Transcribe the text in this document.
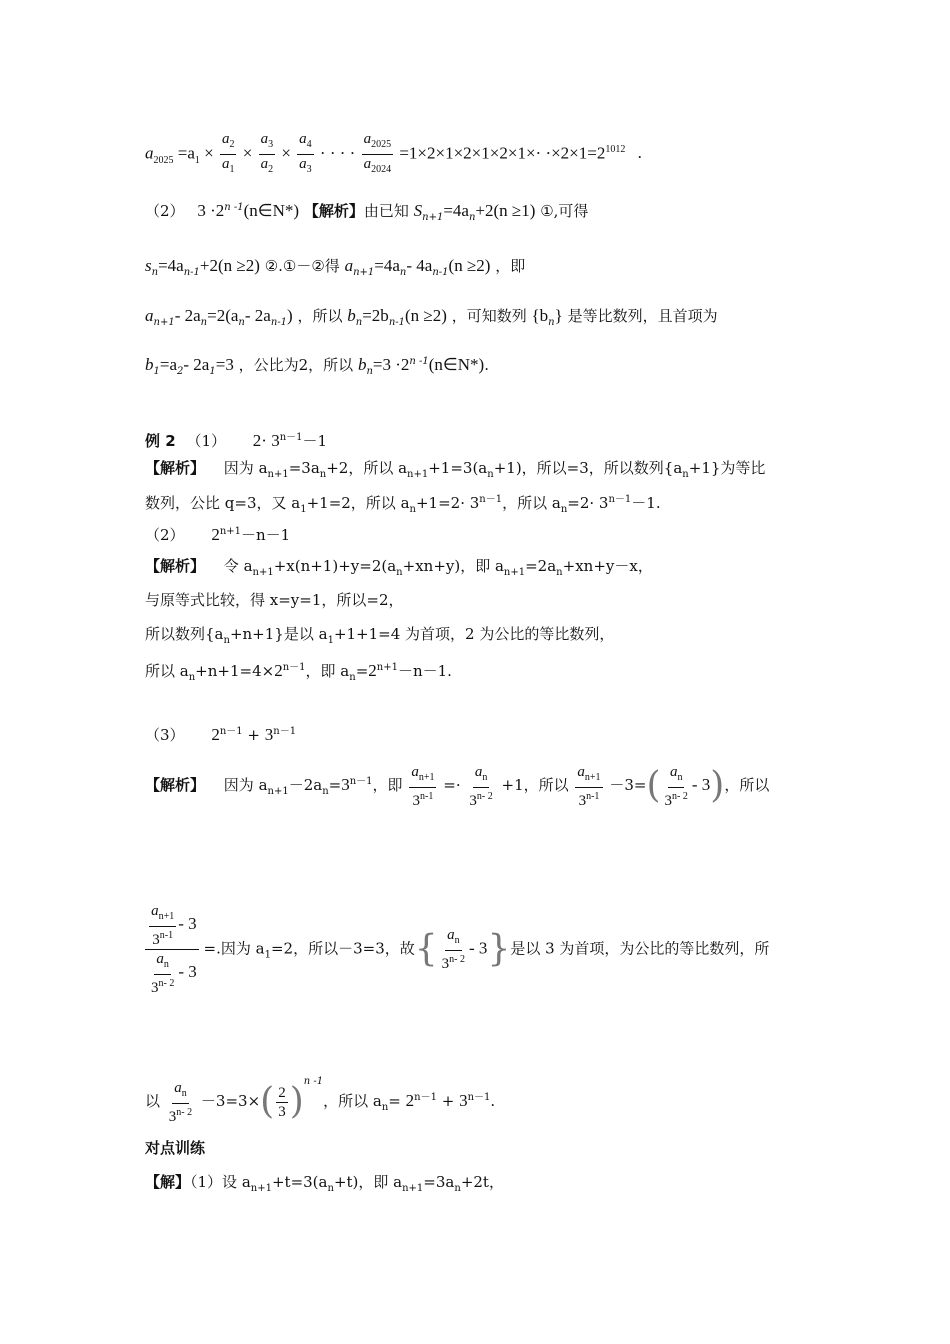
$a_{2025} =a_1 \times \frac{a_2}{a_1} \times \frac{a_3}{a_2} \times \frac{a_4}{a_3}$ · · · · $\frac{a_{2025}}{a_{2024}} =1\times 2\times 1\times 2\times 1\times 2\times 1\times\cdot \cdot\times 2\times 1=2^{1012}$ .
（2） $3 \cdot 2^{n -1}(n\in N*)$ 【解析】由已知 $S_{n+1}=4a_n+2(n \ge 1)$ ①,可得
$s_n=4a_{n-1}+2(n \ge 2)$ ②.①－②得 $a_{n+1}=4a_n-$ $4a_{n-1}(n \ge 2)$ ，即
$a_{n+1}-$ $2a_n=2(a_n-$ $2a_{n-1}$) ，所以 $b_n=2b_{n-1}(n \ge 2)$ ，可知数列 $\{b_n\}$ 是等比数列，且首项为
$b_1=a_2-$ $2a_1=3$ ，公比为2，所以 $b_n=3$ $\cdot 2^{n -1}(n\in N*)$.
例 2 （1） $2\cdot 3^{n-1}-1$
【解析】 因为 $a_{n+1}=3a_n+2$，所以 $a_{n+1}+1=3(a_n+1)$，所以=3，所以数列$\{a_n+1\}$为等比
数列，公比 q=3，又 $a_1+1=2$，所以 $a_n+1=2\cdot 3^{n-1}$，所以 $a_n=2\cdot 3^{n-1}-1$.
（2） $2^{n+1}-n-1$
【解析】 令 $a_{n+1}+x(n+1)+y=2(a_n+xn+y)$，即 $a_{n+1}=2a_n+xn+y-x$，
与原等式比较，得 x=y=1，所以=2，
所以数列$\{a_n+n+1\}$是以 $a_1+1+1=4$ 为首项，2 为公比的等比数列，
所以 $a_n+n+1=4\times 2^{n-1}$，即 $a_n=2^{n+1}-n-1$.
（3） $2^{n-1} + 3^{n-1}$
【解析】 因为 $a_{n+1}-2a_n=3^{n-1}$，即 $\frac{a_{n+1}}{3^{n-1}} =\cdot \frac{a_n}{3^{n- 2}} +1$，所以 $\frac{a_{n+1}}{3^{n-1}} -3=( \frac{a_n}{3^{n- 2}} - 3)$，所以
$\frac{\frac{a_{n+1}}{3^{n-1}} - 3}{\frac{a_n}{3^{n- 2}} - 3}$ =.因为 $a_1=2$，所以－3=3，故{ $\frac{a_n}{3^{n- 2}} - 3$}是以 3 为首项，为公比的等比数列，所
以 $\frac{a_n}{3^{n- 2}} -3=3\times( \frac{2}{3} )^{n -1}$，所以 $a_n= 2^{n-1} + 3^{n-1}$.
对点训练
【解】（1）设 $a_{n+1}+t=3(a_n+t)$，即 $a_{n+1}=3a_n+2t$，
